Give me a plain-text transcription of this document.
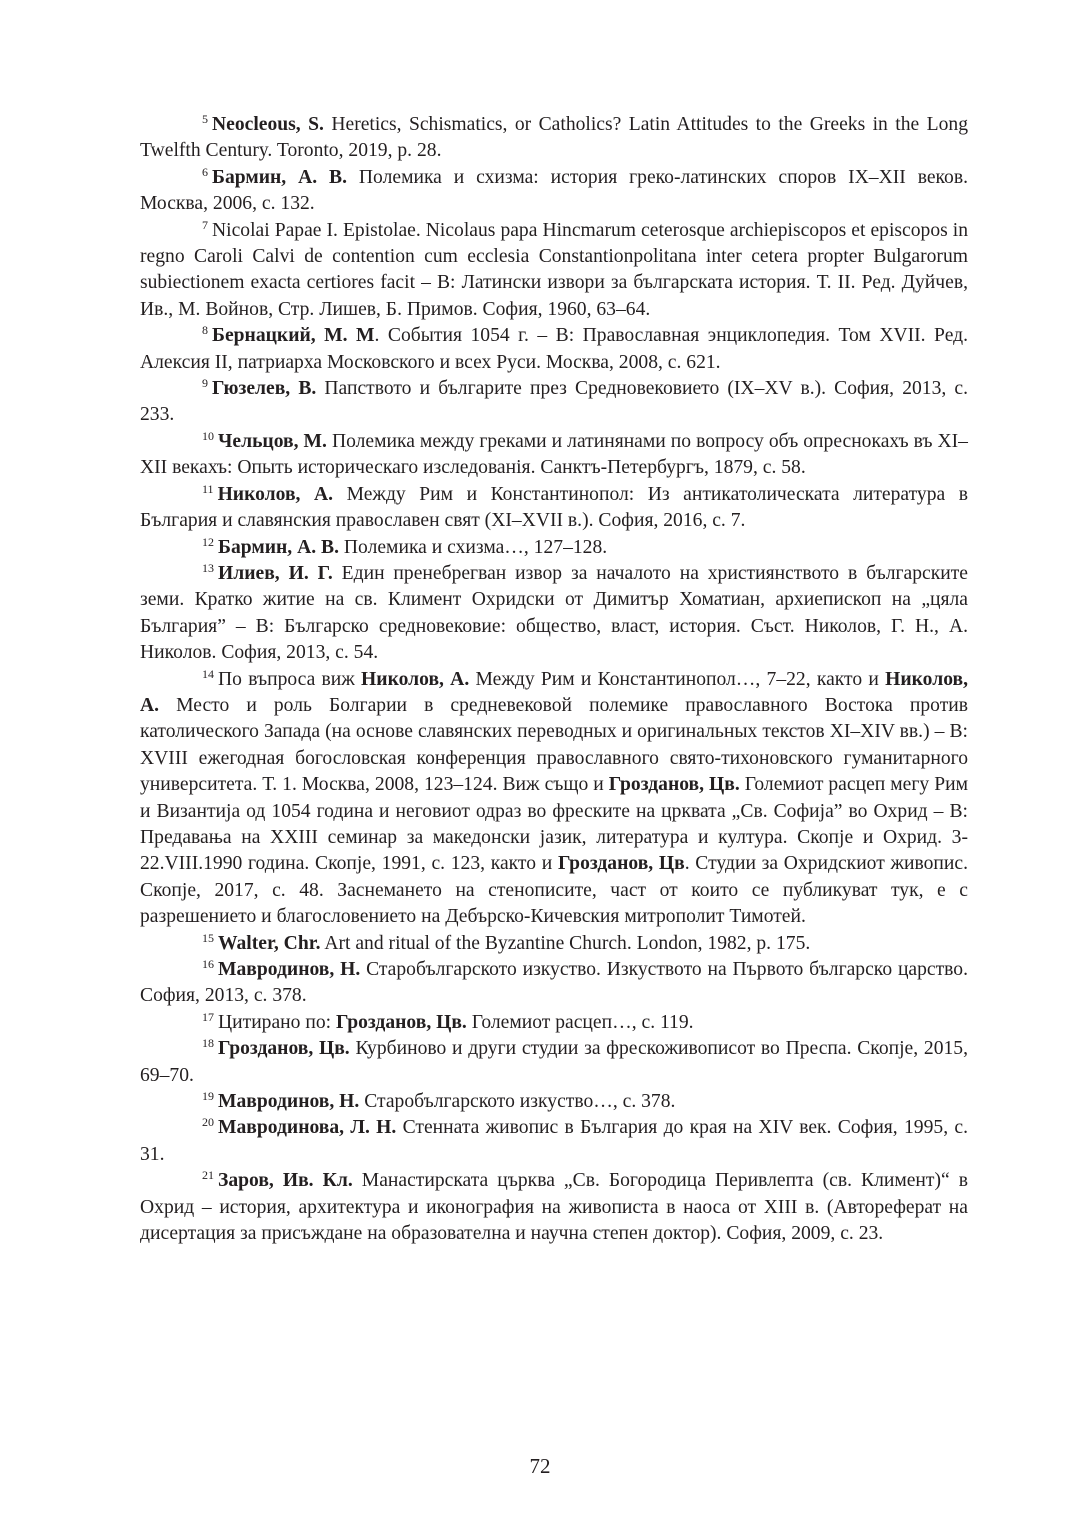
$^5$ Neocleous, S. Heretics, Schismatics, or Catholics? Latin Attitudes to the Greeks in the Long Twelfth Century. Toronto, 2019, p. 28.

$^6$ Бармин, А. В. Полемика и схизма: история греко-латинских споров IX–XII веков. Москва, 2006, с. 132.

$^7$ Nicolai Papae I. Epistolae. Nicolaus papa Hincmarum ceterosque archiepiscopos et episcopos in regno Caroli Calvi de contention cum ecclesia Constantionpolitana inter cetera propter Bulgarorum subiectionem exacta certiores facit – В: Латински извори за българската история. Т. II. Ред. Дуйчев, Ив., М. Войнов, Стр. Лишев, Б. Примов. София, 1960, 63–64.

$^8$ Бернацкий, М. М. События 1054 г. – В: Православная энциклопедия. Том XVII. Ред. Алексия II, патриарха Московского и всех Руси. Москва, 2008, с. 621.

$^9$ Гюзелев, В. Папството и българите през Средновековието (IX–XV в.). София, 2013, с. 233.

$^{10}$ Чельцов, М. Полемика между греками и латинянами по вопросу объ опреснокахъ въ XI–XII векахъ: Опыть историческаго изследованія. Санктъ-Петербургъ, 1879, с. 58.

$^{11}$ Николов, А. Между Рим и Константинопол: Из антикатолическата литература в България и славянския православен свят (XI–XVII в.). София, 2016, с. 7.

$^{12}$ Бармин, А. В. Полемика и схизма…, 127–128.

$^{13}$ Илиев, И. Г. Един пренебрегван извор за началото на християнството в българските земи. Кратко житие на св. Климент Охридски от Димитър Хоматиан, архиепископ на „цяла България” – В: Българско средновековие: общество, власт, история. Съст. Николов, Г. Н., А. Николов. София, 2013, с. 54.

$^{14}$ По въпроса виж Николов, А. Между Рим и Константинопол…, 7–22, както и Николов, А. Место и роль Болгарии в средневековой полемике православного Востока против католического Запада (на основе славянских переводных и оригинальных текстов XI–XIV вв.) – В: XVIII ежегодная богословская конференция православного свято-тихоновского гуманитарного университета. Т. 1. Москва, 2008, 123–124. Виж също и Грозданов, Цв. Големиот расцеп мегу Рим и Византија од 1054 година и неговиот одраз во фреските на црквата „Св. Софија” во Охрид – В: Предавања на XXIII семинар за македонски јазик, литература и култура. Скопје и Охрид. 3-22.VIII.1990 година. Скопје, 1991, с. 123, както и Грозданов, Цв. Студии за Охридскиот живопис. Скопје, 2017, с. 48. Заснемането на стенописите, част от които се публикуват тук, е с разрешението и благословението на Дебърско-Кичевския митрополит Тимотей.

$^{15}$ Walter, Chr. Art and ritual of the Byzantine Church. London, 1982, p. 175.

$^{16}$ Мавродинов, Н. Старобългарското изкуство. Изкуството на Първото българско царство. София, 2013, с. 378.

$^{17}$ Цитирано по: Грозданов, Цв. Големиот расцеп…, с. 119.

$^{18}$ Грозданов, Цв. Курбиново и други студии за фрескоживописот во Преспа. Скопје, 2015, 69–70.

$^{19}$ Мавродинов, Н. Старобългарското изкуство…, с. 378.

$^{20}$ Мавродинова, Л. Н. Стенната живопис в България до края на XIV век. София, 1995, с. 31.

$^{21}$ Заров, Ив. Кл. Манастирската църква „Св. Богородица Перивлепта (св. Климент)“ в Охрид – история, архитектура и иконография на живописта в наоса от XIII в. (Автореферат на дисертация за присъждане на образователна и научна степен доктор). София, 2009, с. 23.

72
